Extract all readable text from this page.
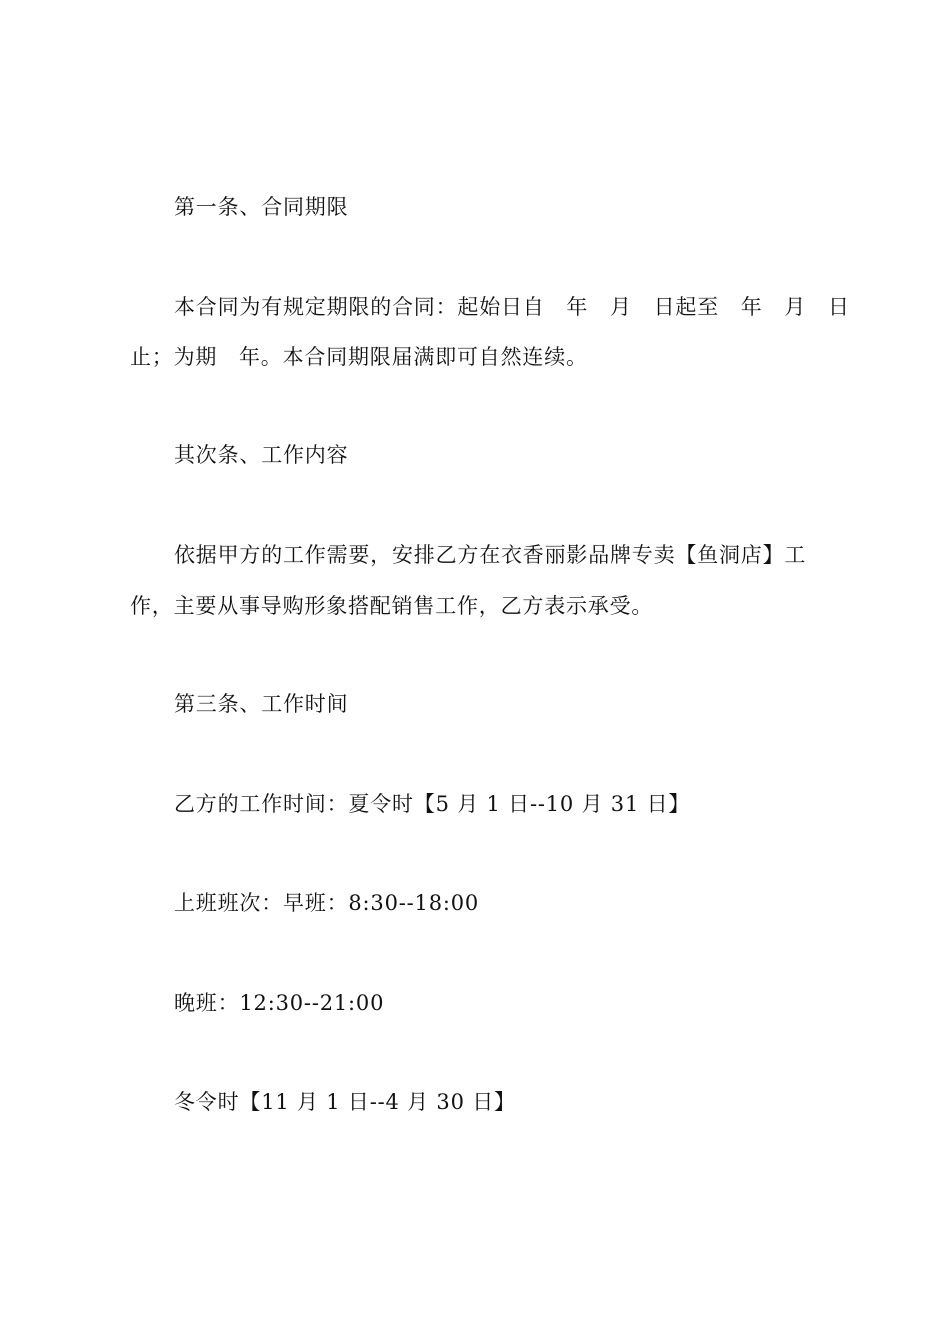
第一条、合同期限
本合同为有规定期限的合同：起始日自　年　月　日起至　年　月　日
止；为期　年。本合同期限届满即可自然连续。
其次条、工作内容
依据甲方的工作需要，安排乙方在衣香丽影品牌专卖【鱼洞店】工
作，主要从事导购形象搭配销售工作，乙方表示承受。
第三条、工作时间
乙方的工作时间：夏令时【5 月 1 日--10 月 31 日】
上班班次：早班：8:30--18:00
晚班：12:30--21:00
冬令时【11 月 1 日--4 月 30 日】
